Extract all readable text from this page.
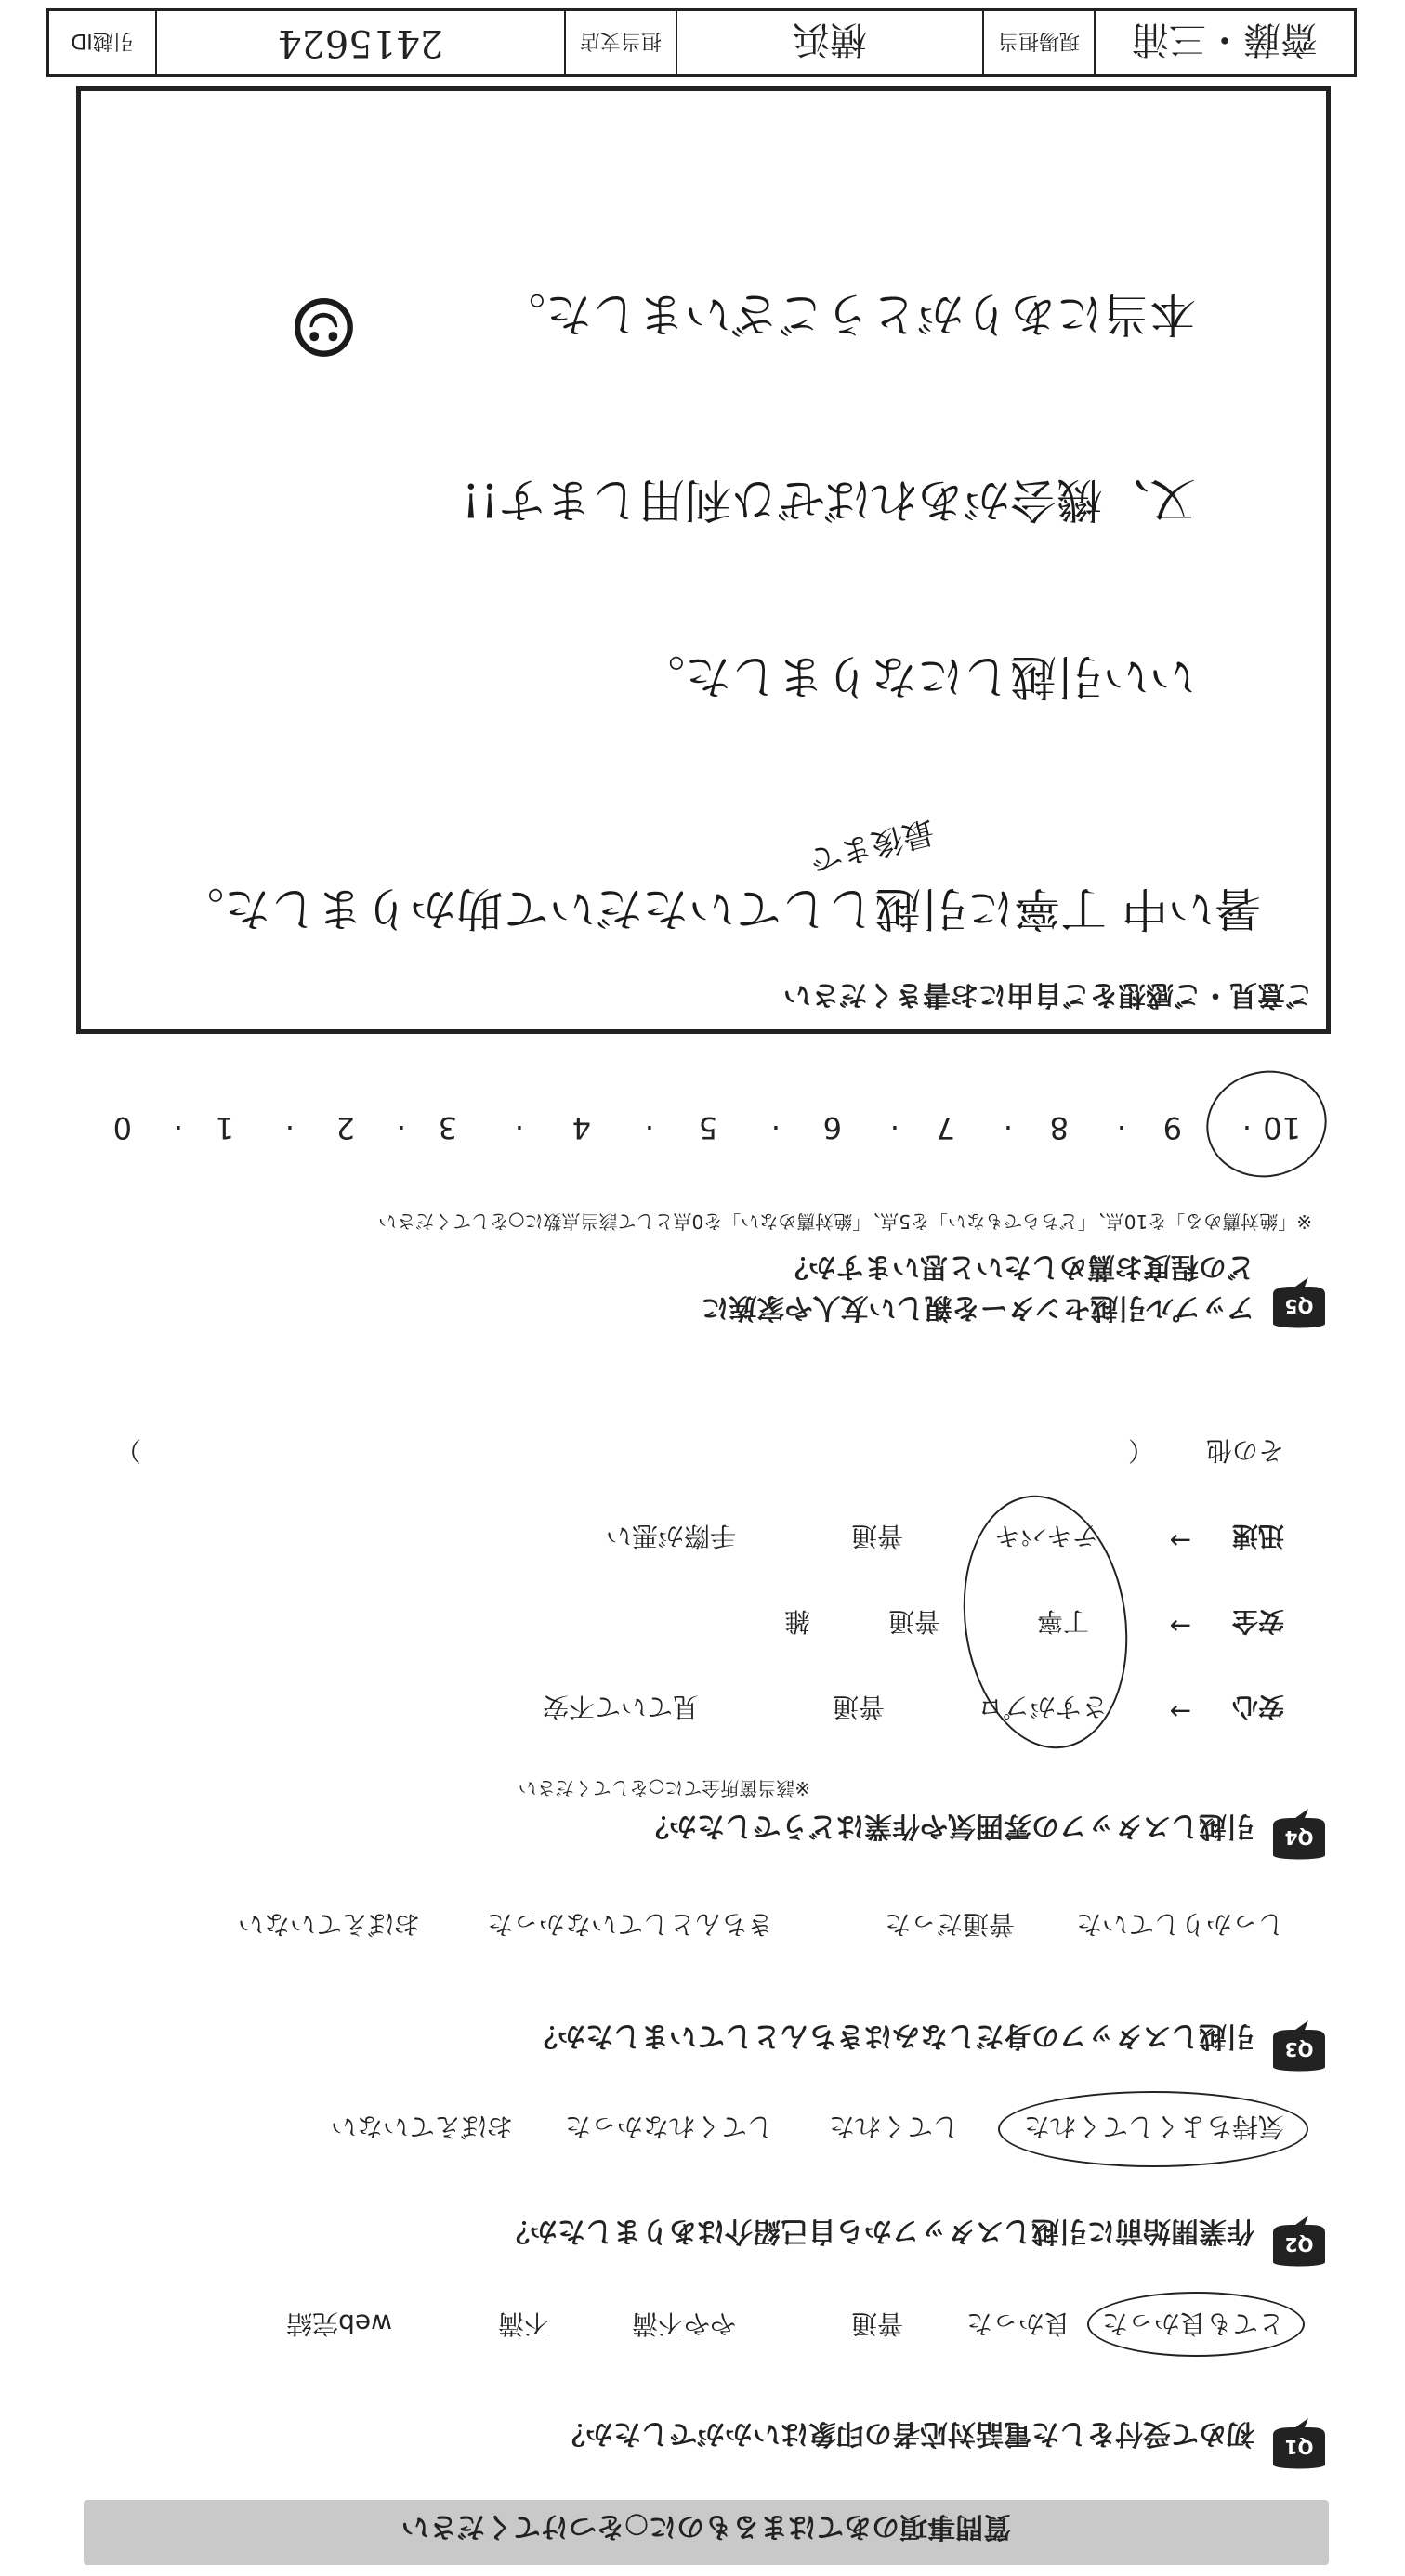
質問事項のあてはまるものに○をつけてください
Q1
初めて受付をした電話対応者の印象はいかがでしたか？
とても良かった
良かった
普通
やや不満
不満
web完結
Q2
作業開始前に引越しスタッフから自己紹介はありましたか？
気持ちよくしてくれた
してくれた
してくれなかった
おぼえていない
Q3
引越しスタッフの身だしなみはきちんとしていましたか？
しっかりしていた
普通だった
きちんとしていなかった
おぼえていない
Q4
引越しスタッフの雰囲気や作業はどうでしたか？
※該当箇所全てに○をしてください
安心
→
さすがプロ
普通
見ていて不安
安全
→
丁寧
普通
雑
迅速
→
テキパキ
普通
手際が悪い
その他
（
）
Q5
アップル引越センターを親しい友人や家族に
どの程度お薦めしたいと思いますか？
※「絶対薦める」を10点、「どちらでもない」を5点、「絶対薦めない」を0点として該当点数に○をしてください
10
9
8
7
6
5
4
3
2
1
0	·
·
·
·
·
·
·
·
·
·
ご意見・ご感想をご自由にお書きください
暑い中 丁寧に引越ししていただいて助かりました。
最後まで
いい引越しになりました。
又、機会があればぜひ利用します!!
本当にありがとうございました。
☺
齋藤・三浦
現場担当
横浜
担当支店
2415624
引越ID
